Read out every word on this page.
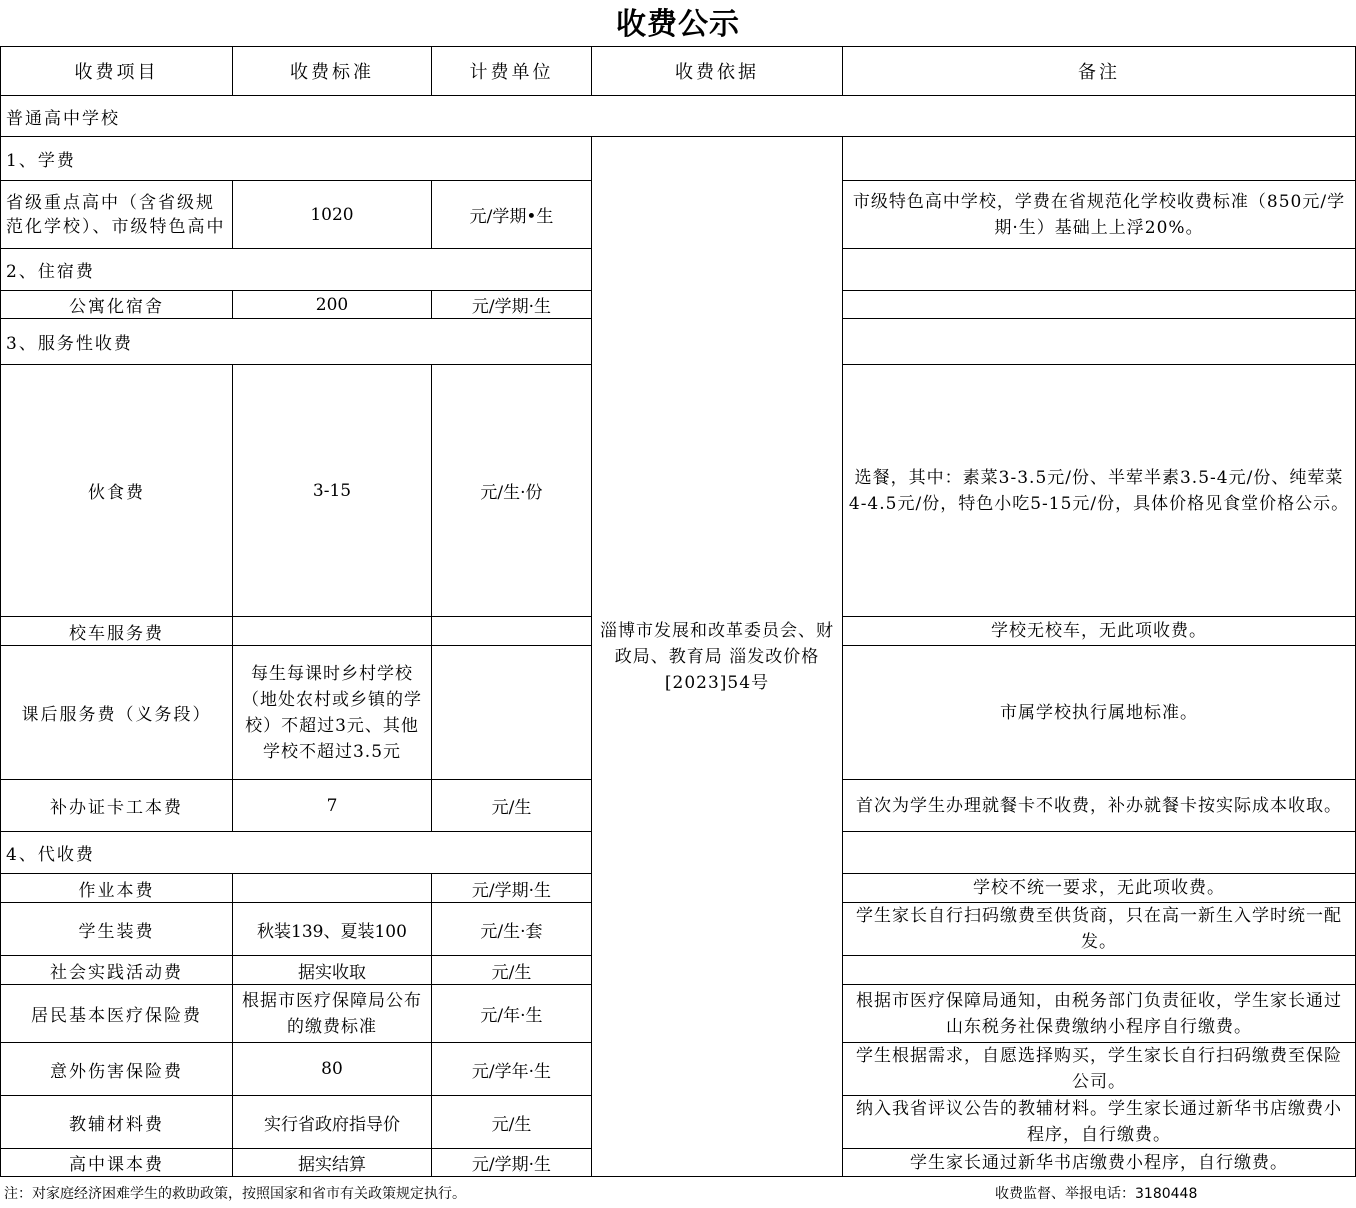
收费公示
收费项目	收费标准	计费单位	收费依据	备注
普通高中学校				
1、学费			淄博市发展和改革委员会、财政局、教育局 淄发改价格[2023]54号	
省级重点高中（含省级规范化学校）、市级特色高中	1020	元/学期•生		市级特色高中学校，学费在省规范化学校收费标准（850元/学期·生）基础上上浮20%。
2、住宿费				
公寓化宿舍	200	元/学期·生		
3、服务性收费				
伙食费	3-15	元/生·份		选餐，其中：素菜3-3.5元/份、半荤半素3.5-4元/份、纯荤菜4-4.5元/份，特色小吃5-15元/份，具体价格见食堂价格公示。
校车服务费				学校无校车，无此项收费。
课后服务费（义务段）	每生每课时乡村学校（地处农村或乡镇的学校）不超过3元、其他学校不超过3.5元			市属学校执行属地标准。
补办证卡工本费	7	元/生		首次为学生办理就餐卡不收费，补办就餐卡按实际成本收取。
4、代收费				
作业本费		元/学期·生		学校不统一要求，无此项收费。
学生装费	秋装139、夏装100	元/生·套		学生家长自行扫码缴费至供货商，只在高一新生入学时统一配发。
社会实践活动费	据实收取	元/生		
居民基本医疗保险费	根据市医疗保障局公布的缴费标准	元/年·生		根据市医疗保障局通知，由税务部门负责征收，学生家长通过山东税务社保费缴纳小程序自行缴费。
意外伤害保险费	80	元/学年·生		学生根据需求，自愿选择购买，学生家长自行扫码缴费至保险公司。
教辅材料费	实行省政府指导价	元/生		纳入我省评议公告的教辅材料。学生家长通过新华书店缴费小程序，自行缴费。
高中课本费	据实结算	元/学期·生		学生家长通过新华书店缴费小程序，自行缴费。
注：对家庭经济困难学生的救助政策，按照国家和省市有关政策规定执行。	收费监督、举报电话：3180448
